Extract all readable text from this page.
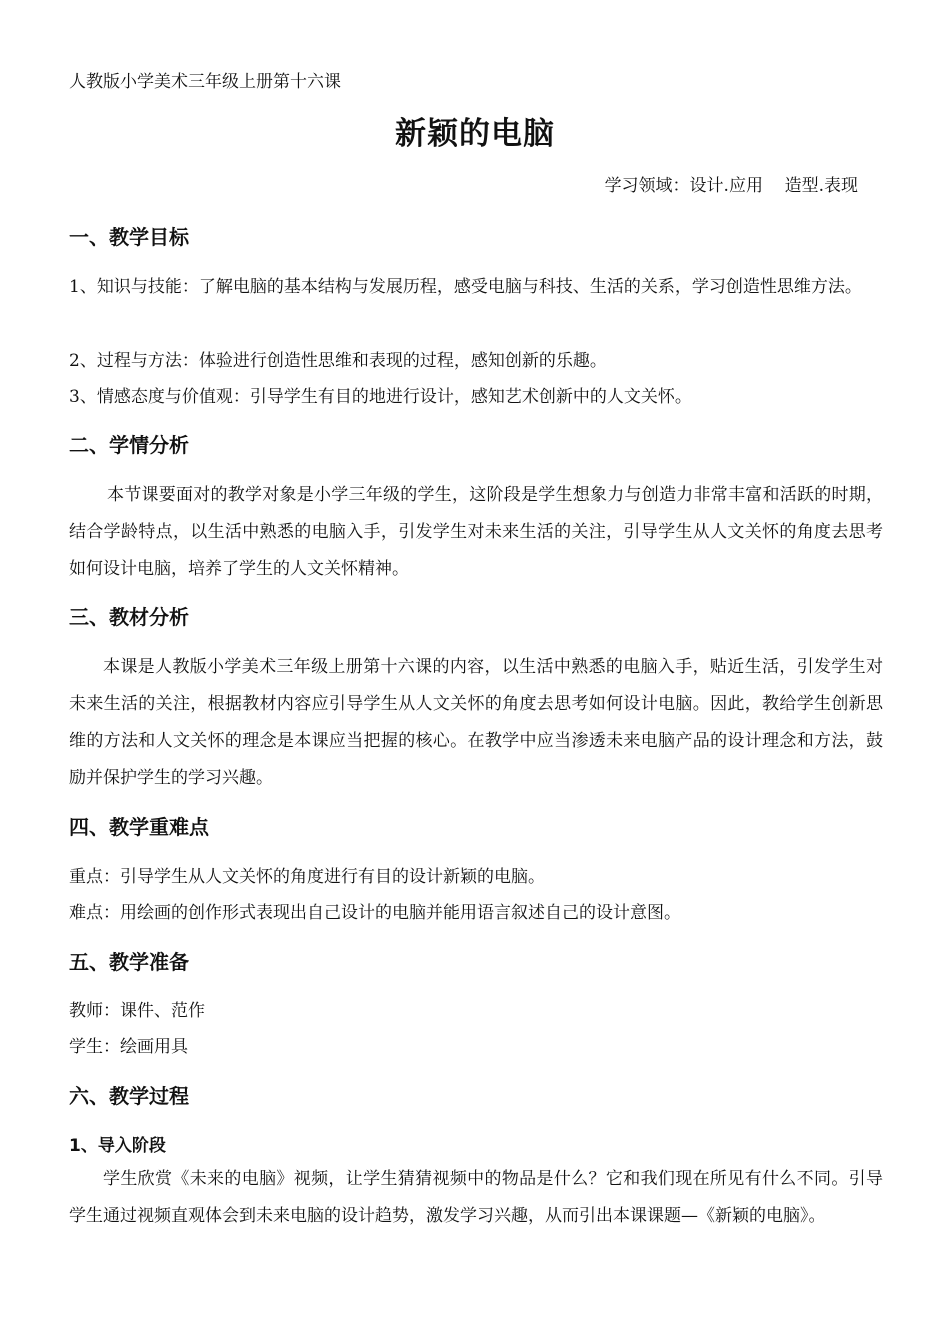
人教版小学美术三年级上册第十六课
新颖的电脑
学习领域：设计.应用    造型.表现
一、教学目标
1、知识与技能：了解电脑的基本结构与发展历程，感受电脑与科技、生活的关系，学习创造性思维方法。
2、过程与方法：体验进行创造性思维和表现的过程，感知创新的乐趣。
3、情感态度与价值观：引导学生有目的地进行设计，感知艺术创新中的人文关怀。
二、学情分析
本节课要面对的教学对象是小学三年级的学生，这阶段是学生想象力与创造力非常丰富和活跃的时期，结合学龄特点，以生活中熟悉的电脑入手，引发学生对未来生活的关注，引导学生从人文关怀的角度去思考如何设计电脑，培养了学生的人文关怀精神。
三、教材分析
本课是人教版小学美术三年级上册第十六课的内容，以生活中熟悉的电脑入手，贴近生活，引发学生对未来生活的关注，根据教材内容应引导学生从人文关怀的角度去思考如何设计电脑。因此，教给学生创新思维的方法和人文关怀的理念是本课应当把握的核心。在教学中应当渗透未来电脑产品的设计理念和方法，鼓励并保护学生的学习兴趣。
四、教学重难点
重点：引导学生从人文关怀的角度进行有目的设计新颖的电脑。
难点：用绘画的创作形式表现出自己设计的电脑并能用语言叙述自己的设计意图。
五、教学准备
教师：课件、范作
学生：绘画用具
六、教学过程
1、导入阶段
学生欣赏《未来的电脑》视频，让学生猜猜视频中的物品是什么？它和我们现在所见有什么不同。引导学生通过视频直观体会到未来电脑的设计趋势，激发学习兴趣，从而引出本课课题—《新颖的电脑》。
